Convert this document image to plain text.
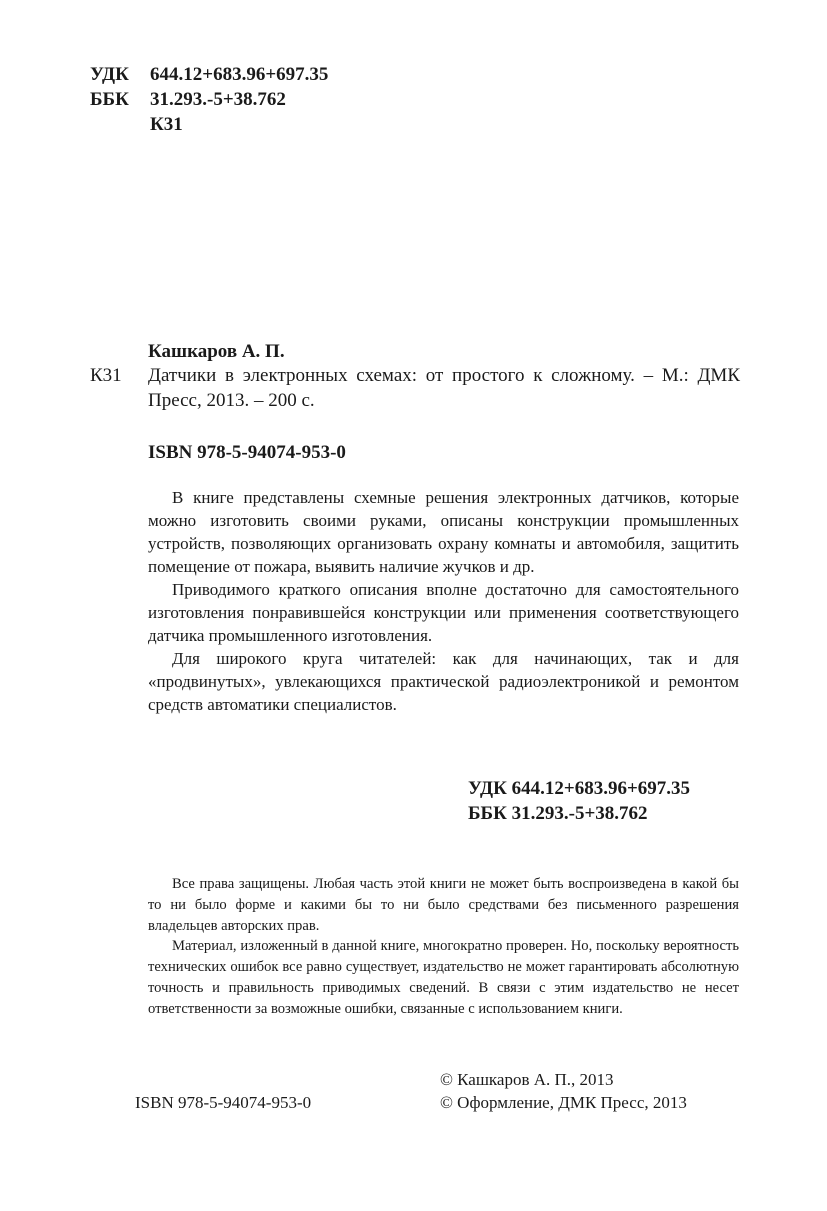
УДК 644.12+683.96+697.35
ББК 31.293.-5+38.762
К31
Кашкаров А. П.
К31 Датчики в электронных схемах: от простого к сложному. – М.: ДМК Пресс, 2013. – 200 с.
ISBN 978-5-94074-953-0

В книге представлены схемные решения электронных датчиков, которые можно изготовить своими руками, описаны конструкции промышленных устройств, позволяющих организовать охрану комнаты и автомобиля, защитить помещение от пожара, выявить наличие жучков и др.

Приводимого краткого описания вполне достаточно для самостоятельного изготовления понравившейся конструкции или применения соответствующего датчика промышленного изготовления.

Для широкого круга читателей: как для начинающих, так и для «продвинутых», увлекающихся практической радиоэлектроникой и ремонтом средств автоматики специалистов.

УДК 644.12+683.96+697.35
ББК 31.293.-5+38.762

Все права защищены. Любая часть этой книги не может быть воспроизведена в какой бы то ни было форме и какими бы то ни было средствами без письменного разрешения владельцев авторских прав.

Материал, изложенный в данной книге, многократно проверен. Но, поскольку вероятность технических ошибок все равно существует, издательство не может гарантировать абсолютную точность и правильность приводимых сведений. В связи с этим издательство не несет ответственности за возможные ошибки, связанные с использованием книги.

© Кашкаров А. П., 2013
ISBN 978-5-94074-953-0	© Оформление, ДМК Пресс, 2013
